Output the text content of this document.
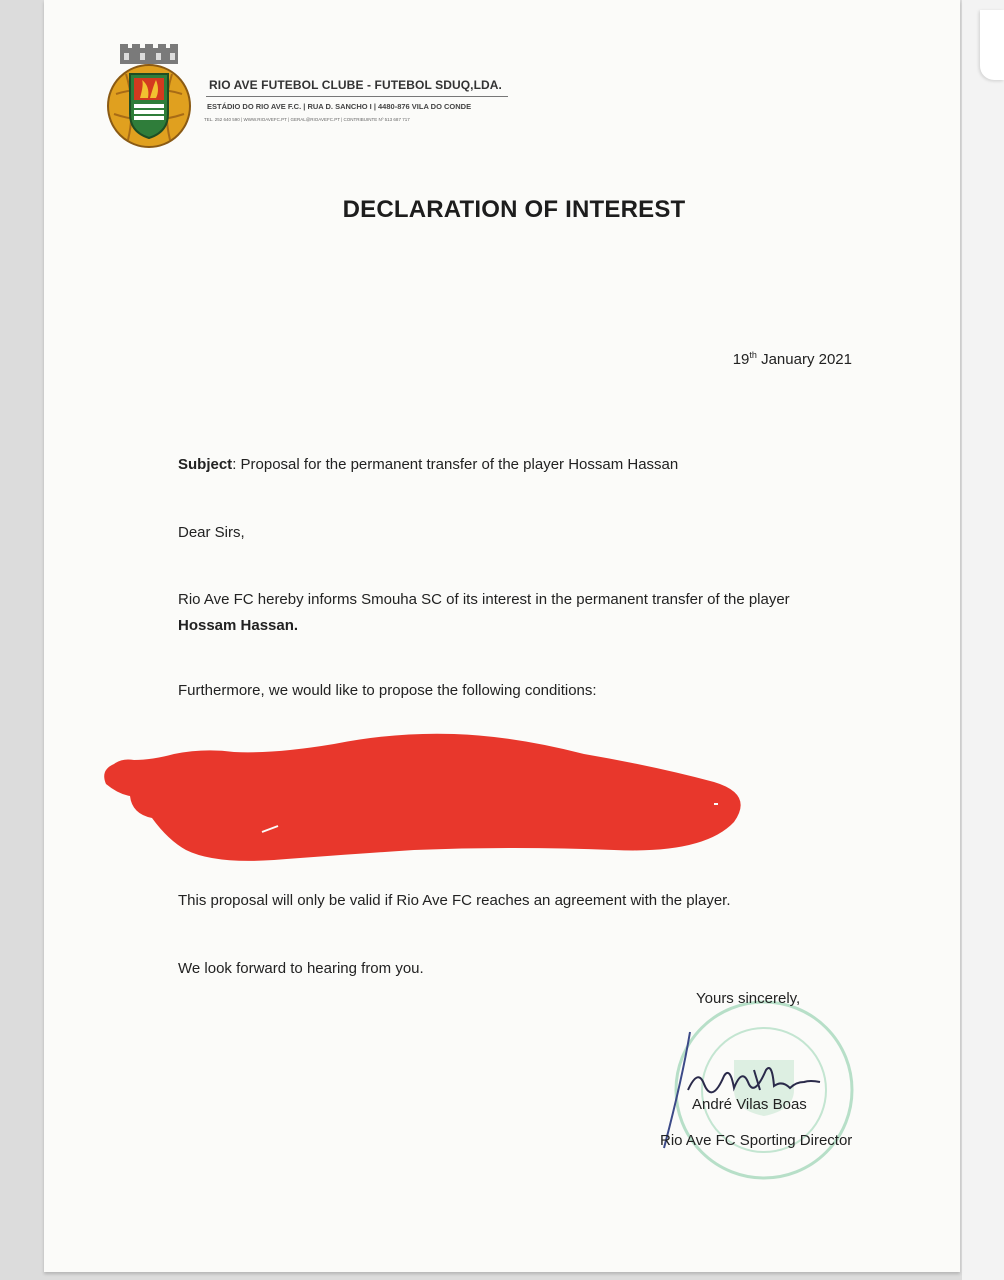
RIO AVE FUTEBOL CLUBE - FUTEBOL SDUQ,LDA.
ESTÁDIO DO RIO AVE F.C. | RUA D. SANCHO I | 4480-876 VILA DO CONDE
TEL. 252 640 590 | WWW.RIOAVEFC.PT | GERAL@RIOAVEFC.PT | CONTRIBUINTE Nº 513 687 717
DECLARATION OF INTEREST
19th January 2021
Subject: Proposal for the permanent transfer of the player Hossam Hassan
Dear Sirs,
Rio Ave FC hereby informs Smouha SC of its interest in the permanent transfer of the player
Hossam Hassan.
Furthermore, we would like to propose the following conditions:
This proposal will only be valid if Rio Ave FC reaches an agreement with the player.
We look forward to hearing from you.
Yours sincerely,
André Vilas Boas
Rio Ave FC Sporting Director
